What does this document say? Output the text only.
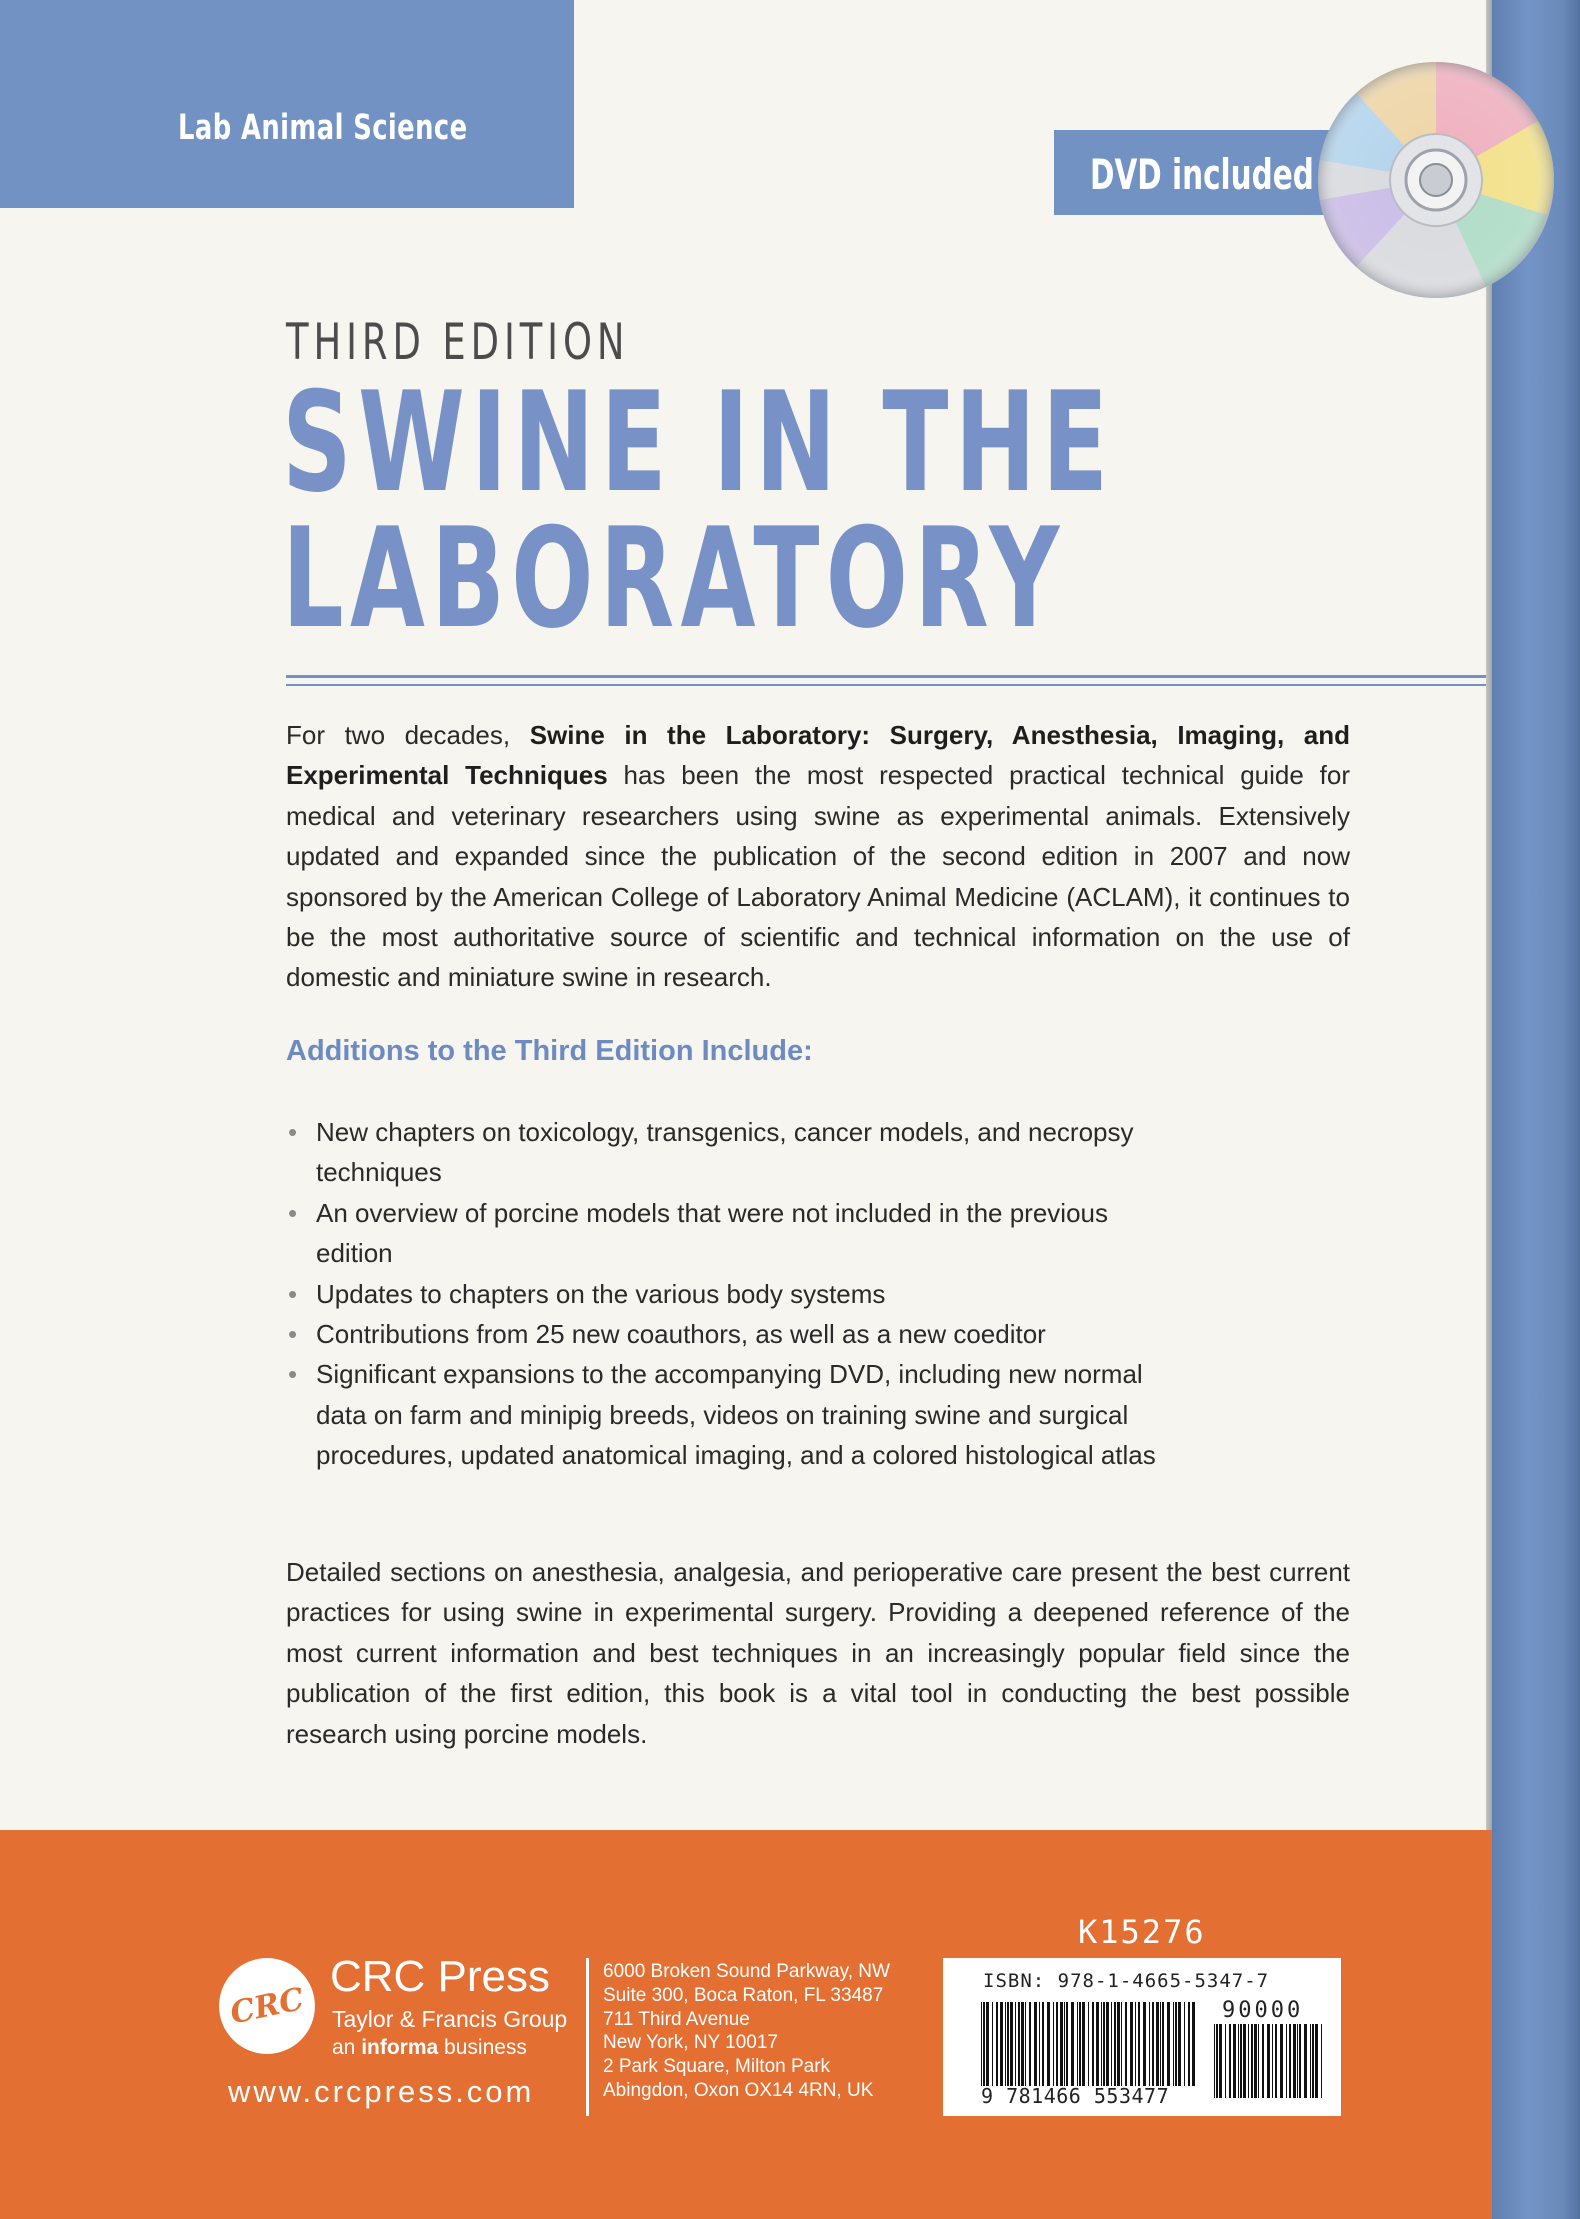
Lab Animal Science
DVD included
THIRD EDITION
SWINE IN THE
LABORATORY

For two decades, Swine in the Laboratory: Surgery, Anesthesia, Imaging, and Experimental Techniques has been the most respected practical technical guide for medical and veterinary researchers using swine as experimental animals. Extensively updated and expanded since the publication of the second edition in 2007 and now sponsored by the American College of Laboratory Animal Medicine (ACLAM), it continues to be the most authoritative source of scientific and technical information on the use of domestic and miniature swine in research.

Additions to the Third Edition Include:
• New chapters on toxicology, transgenics, cancer models, and necropsy techniques
• An overview of porcine models that were not included in the previous edition
• Updates to chapters on the various body systems
• Contributions from 25 new coauthors, as well as a new coeditor
• Significant expansions to the accompanying DVD, including new normal data on farm and minipig breeds, videos on training swine and surgical procedures, updated anatomical imaging, and a colored histological atlas

Detailed sections on anesthesia, analgesia, and perioperative care present the best current practices for using swine in experimental surgery. Providing a deepened reference of the most current information and best techniques in an increasingly popular field since the publication of the first edition, this book is a vital tool in conducting the best possible research using porcine models.

CRC
CRC Press
Taylor & Francis Group
an informa business
www.crcpress.com
6000 Broken Sound Parkway, NW
Suite 300, Boca Raton, FL 33487
711 Third Avenue
New York, NY 10017
2 Park Square, Milton Park
Abingdon, Oxon OX14 4RN, UK
K15276
ISBN: 978-1-4665-5347-7
90000
9 781466 553477
